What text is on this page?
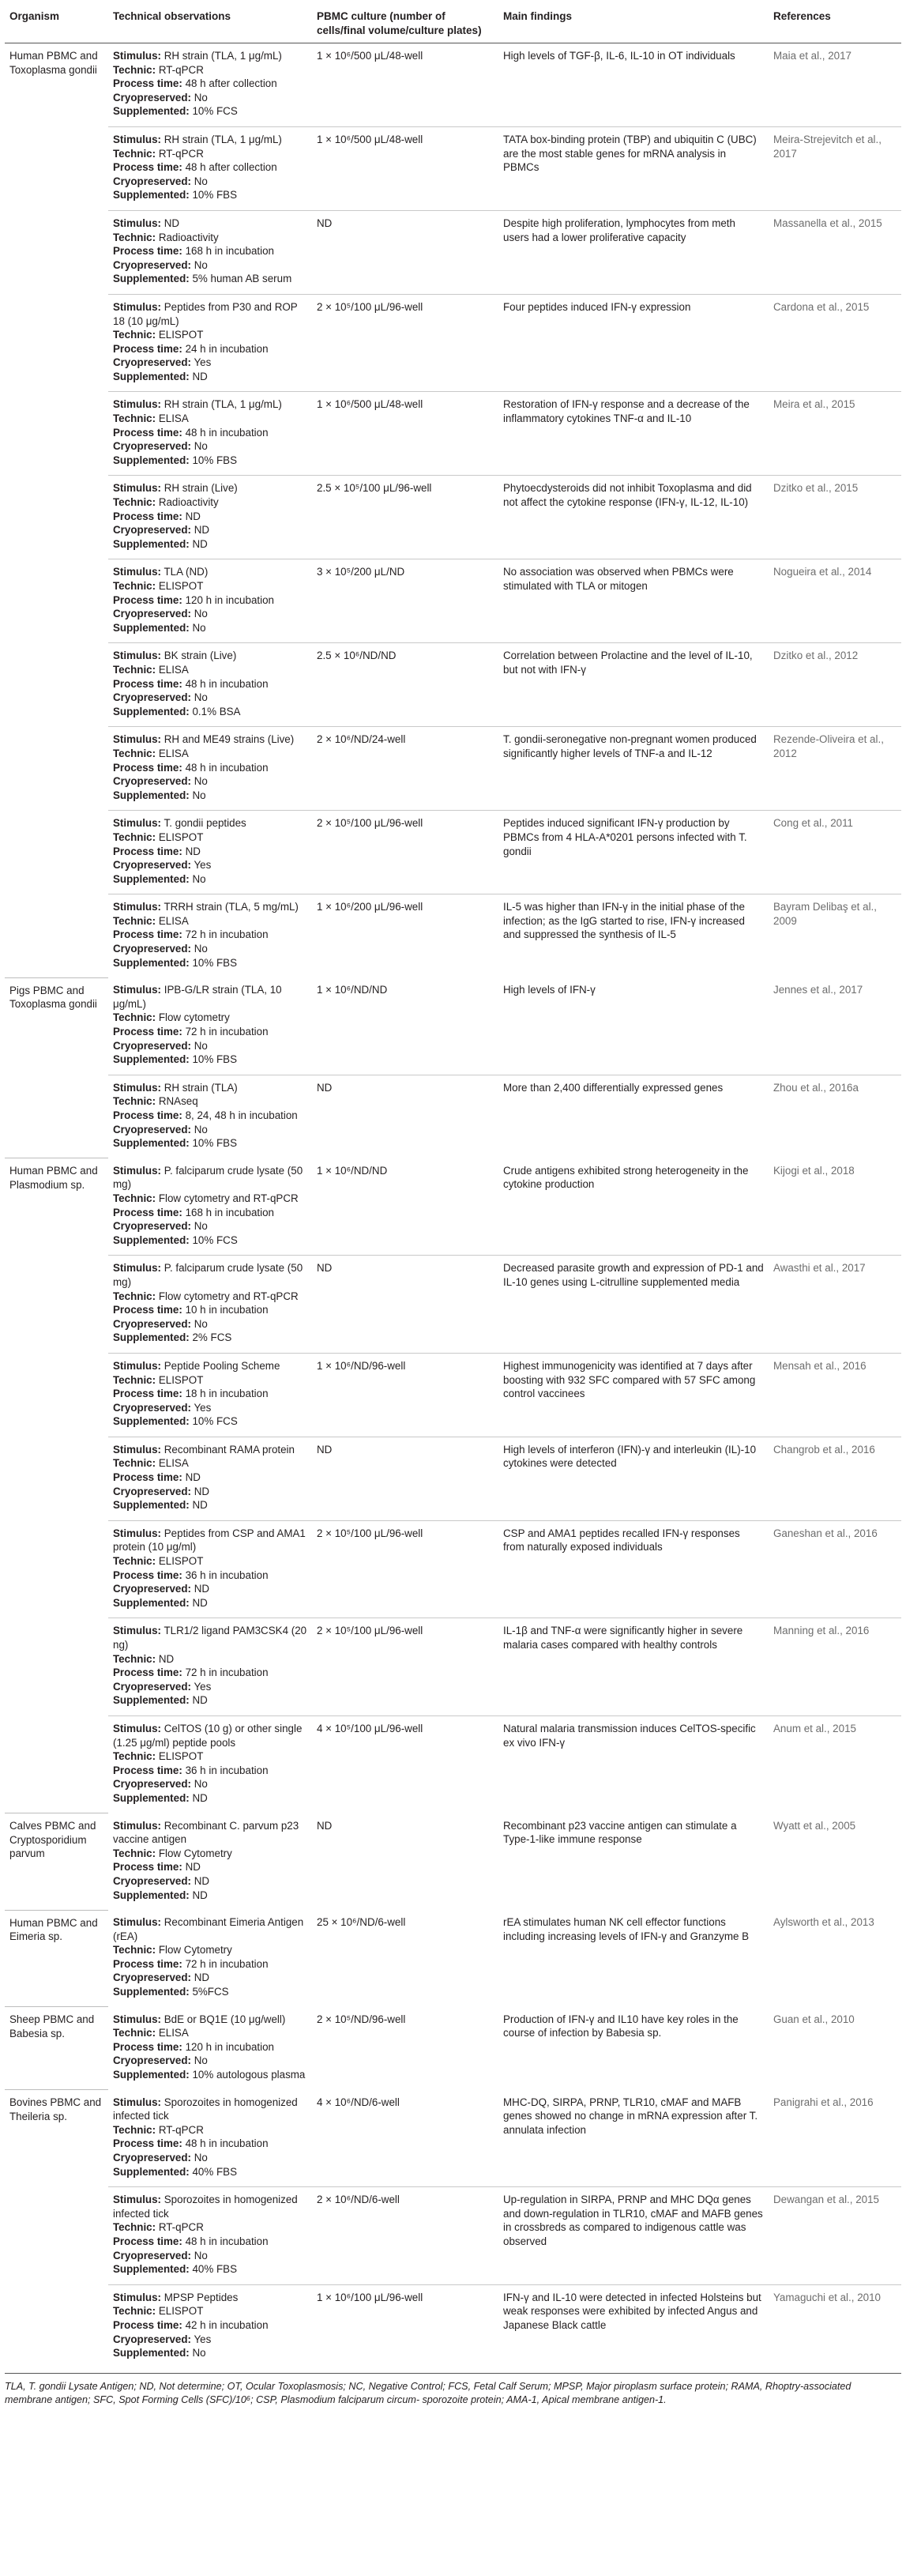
Organism	Technical observations	PBMC culture (number of cells/final volume/culture plates)	Main findings	References
Human PBMC and Toxoplasma gondii	Stimulus: RH strain (TLA, 1 μg/mL)
Technic: RT-qPCR
Process time: 48 h after collection
Cryopreserved: No
Supplemented: 10% FCS	1 × 10⁶/500 μL/48-well	High levels of TGF-β, IL-6, IL-10 in OT individuals	Maia et al., 2017

	Stimulus: RH strain (TLA, 1 μg/mL)
Technic: RT-qPCR
Process time: 48 h after collection
Cryopreserved: No
Supplemented: 10% FBS	1 × 10⁶/500 μL/48-well	TATA box-binding protein (TBP) and ubiquitin C (UBC) are the most stable genes for mRNA analysis in PBMCs	Meira-Strejevitch et al., 2017

	Stimulus: ND
Technic: Radioactivity
Process time: 168 h in incubation
Cryopreserved: No
Supplemented: 5% human AB serum	ND	Despite high proliferation, lymphocytes from meth users had a lower proliferative capacity	Massanella et al., 2015

	Stimulus: Peptides from P30 and ROP 18 (10 μg/mL)
Technic: ELISPOT
Process time: 24 h in incubation
Cryopreserved: Yes
Supplemented: ND	2 × 10⁵/100 μL/96-well	Four peptides induced IFN-γ expression	Cardona et al., 2015

	Stimulus: RH strain (TLA, 1 μg/mL)
Technic: ELISA
Process time: 48 h in incubation
Cryopreserved: No
Supplemented: 10% FBS	1 × 10⁶/500 μL/48-well	Restoration of IFN-γ response and a decrease of the inflammatory cytokines TNF-α and IL-10	Meira et al., 2015

	Stimulus: RH strain (Live)
Technic: Radioactivity
Process time: ND
Cryopreserved: ND
Supplemented: ND	2.5 × 10⁵/100 μL/96-well	Phytoecdysteroids did not inhibit Toxoplasma and did not affect the cytokine response (IFN-γ, IL-12, IL-10)	Dzitko et al., 2015

	Stimulus: TLA (ND)
Technic: ELISPOT
Process time: 120 h in incubation
Cryopreserved: No
Supplemented: No	3 × 10⁵/200 μL/ND	No association was observed when PBMCs were stimulated with TLA or mitogen	Nogueira et al., 2014

	Stimulus: BK strain (Live)
Technic: ELISA
Process time: 48 h in incubation
Cryopreserved: No
Supplemented: 0.1% BSA	2.5 × 10⁶/ND/ND	Correlation between Prolactine and the level of IL-10, but not with IFN-γ	Dzitko et al., 2012

	Stimulus: RH and ME49 strains (Live)
Technic: ELISA
Process time: 48 h in incubation
Cryopreserved: No
Supplemented: No	2 × 10⁶/ND/24-well	T. gondii-seronegative non-pregnant women produced significantly higher levels of TNF-a and IL-12	Rezende-Oliveira et al., 2012

	Stimulus: T. gondii peptides
Technic: ELISPOT
Process time: ND
Cryopreserved: Yes
Supplemented: No	2 × 10⁵/100 μL/96-well	Peptides induced significant IFN-γ production by PBMCs from 4 HLA-A*0201 persons infected with T. gondii	Cong et al., 2011

	Stimulus: TRRH strain (TLA, 5 mg/mL)
Technic: ELISA
Process time: 72 h in incubation
Cryopreserved: No
Supplemented: 10% FBS	1 × 10⁶/200 μL/96-well	IL-5 was higher than IFN-γ in the initial phase of the infection; as the IgG started to rise, IFN-γ increased and suppressed the synthesis of IL-5	Bayram Delibaş et al., 2009
Pigs PBMC and Toxoplasma gondii	Stimulus: IPB-G/LR strain (TLA, 10 μg/mL)
Technic: Flow cytometry
Process time: 72 h in incubation
Cryopreserved: No
Supplemented: 10% FBS	1 × 10⁶/ND/ND	High levels of IFN-γ	Jennes et al., 2017

	Stimulus: RH strain (TLA)
Technic: RNAseq
Process time: 8, 24, 48 h in incubation
Cryopreserved: No
Supplemented: 10% FBS	ND	More than 2,400 differentially expressed genes	Zhou et al., 2016a
Human PBMC and Plasmodium sp.	Stimulus: P. falciparum crude lysate (50 mg)
Technic: Flow cytometry and RT-qPCR
Process time: 168 h in incubation
Cryopreserved: No
Supplemented: 10% FCS	1 × 10⁶/ND/ND	Crude antigens exhibited strong heterogeneity in the cytokine production	Kijogi et al., 2018

	Stimulus: P. falciparum crude lysate (50 mg)
Technic: Flow cytometry and RT-qPCR
Process time: 10 h in incubation
Cryopreserved: No
Supplemented: 2% FCS	ND	Decreased parasite growth and expression of PD-1 and IL-10 genes using L-citrulline supplemented media	Awasthi et al., 2017

	Stimulus: Peptide Pooling Scheme
Technic: ELISPOT
Process time: 18 h in incubation
Cryopreserved: Yes
Supplemented: 10% FCS	1 × 10⁶/ND/96-well	Highest immunogenicity was identified at 7 days after boosting with 932 SFC compared with 57 SFC among control vaccinees	Mensah et al., 2016

	Stimulus: Recombinant RAMA protein
Technic: ELISA
Process time: ND
Cryopreserved: ND
Supplemented: ND	ND	High levels of interferon (IFN)-γ and interleukin (IL)-10 cytokines were detected	Changrob et al., 2016

	Stimulus: Peptides from CSP and AMA1 protein (10 μg/ml)
Technic: ELISPOT
Process time: 36 h in incubation
Cryopreserved: ND
Supplemented: ND	2 × 10⁵/100 μL/96-well	CSP and AMA1 peptides recalled IFN-γ responses from naturally exposed individuals	Ganeshan et al., 2016

	Stimulus: TLR1/2 ligand PAM3CSK4 (20 ng)
Technic: ND
Process time: 72 h in incubation
Cryopreserved: Yes
Supplemented: ND	2 × 10⁵/100 μL/96-well	IL-1β and TNF-α were significantly higher in severe malaria cases compared with healthy controls	Manning et al., 2016

	Stimulus: CelTOS (10 g) or other single (1.25 μg/ml) peptide pools
Technic: ELISPOT
Process time: 36 h in incubation
Cryopreserved: No
Supplemented: ND	4 × 10⁵/100 μL/96-well	Natural malaria transmission induces CelTOS-specific ex vivo IFN-γ	Anum et al., 2015
Calves PBMC and Cryptosporidium parvum	Stimulus: Recombinant C. parvum p23 vaccine antigen
Technic: Flow Cytometry
Process time: ND
Cryopreserved: ND
Supplemented: ND	ND	Recombinant p23 vaccine antigen can stimulate a Type-1-like immune response	Wyatt et al., 2005
Human PBMC and Eimeria sp.	Stimulus: Recombinant Eimeria Antigen (rEA)
Technic: Flow Cytometry
Process time: 72 h in incubation
Cryopreserved: ND
Supplemented: 5%FCS	25 × 10⁶/ND/6-well	rEA stimulates human NK cell effector functions including increasing levels of IFN-γ and Granzyme B	Aylsworth et al., 2013
Sheep PBMC and Babesia sp.	Stimulus: BdE or BQ1E (10 μg/well)
Technic: ELISA
Process time: 120 h in incubation
Cryopreserved: No
Supplemented: 10% autologous plasma	2 × 10⁵/ND/96-well	Production of IFN-γ and IL10 have key roles in the course of infection by Babesia sp.	Guan et al., 2010
Bovines PBMC and Theileria sp.	Stimulus: Sporozoites in homogenized infected tick
Technic: RT-qPCR
Process time: 48 h in incubation
Cryopreserved: No
Supplemented: 40% FBS	4 × 10⁶/ND/6-well	MHC-DQ, SIRPA, PRNP, TLR10, cMAF and MAFB genes showed no change in mRNA expression after T. annulata infection	Panigrahi et al., 2016

	Stimulus: Sporozoites in homogenized infected tick
Technic: RT-qPCR
Process time: 48 h in incubation
Cryopreserved: No
Supplemented: 40% FBS	2 × 10⁶/ND/6-well	Up-regulation in SIRPA, PRNP and MHC DQα genes and down-regulation in TLR10, cMAF and MAFB genes in crossbreds as compared to indigenous cattle was observed	Dewangan et al., 2015

	Stimulus: MPSP Peptides
Technic: ELISPOT
Process time: 42 h in incubation
Cryopreserved: Yes
Supplemented: No	1 × 10⁶/100 μL/96-well	IFN-γ and IL-10 were detected in infected Holsteins but weak responses were exhibited by infected Angus and Japanese Black cattle	Yamaguchi et al., 2010
TLA, T. gondii Lysate Antigen; ND, Not determine; OT, Ocular Toxoplasmosis; NC, Negative Control; FCS, Fetal Calf Serum; MPSP, Major piroplasm surface protein; RAMA, Rhoptry-associated membrane antigen; SFC, Spot Forming Cells (SFC)/10⁶; CSP, Plasmodium falciparum circum- sporozoite protein; AMA-1, Apical membrane antigen-1.
